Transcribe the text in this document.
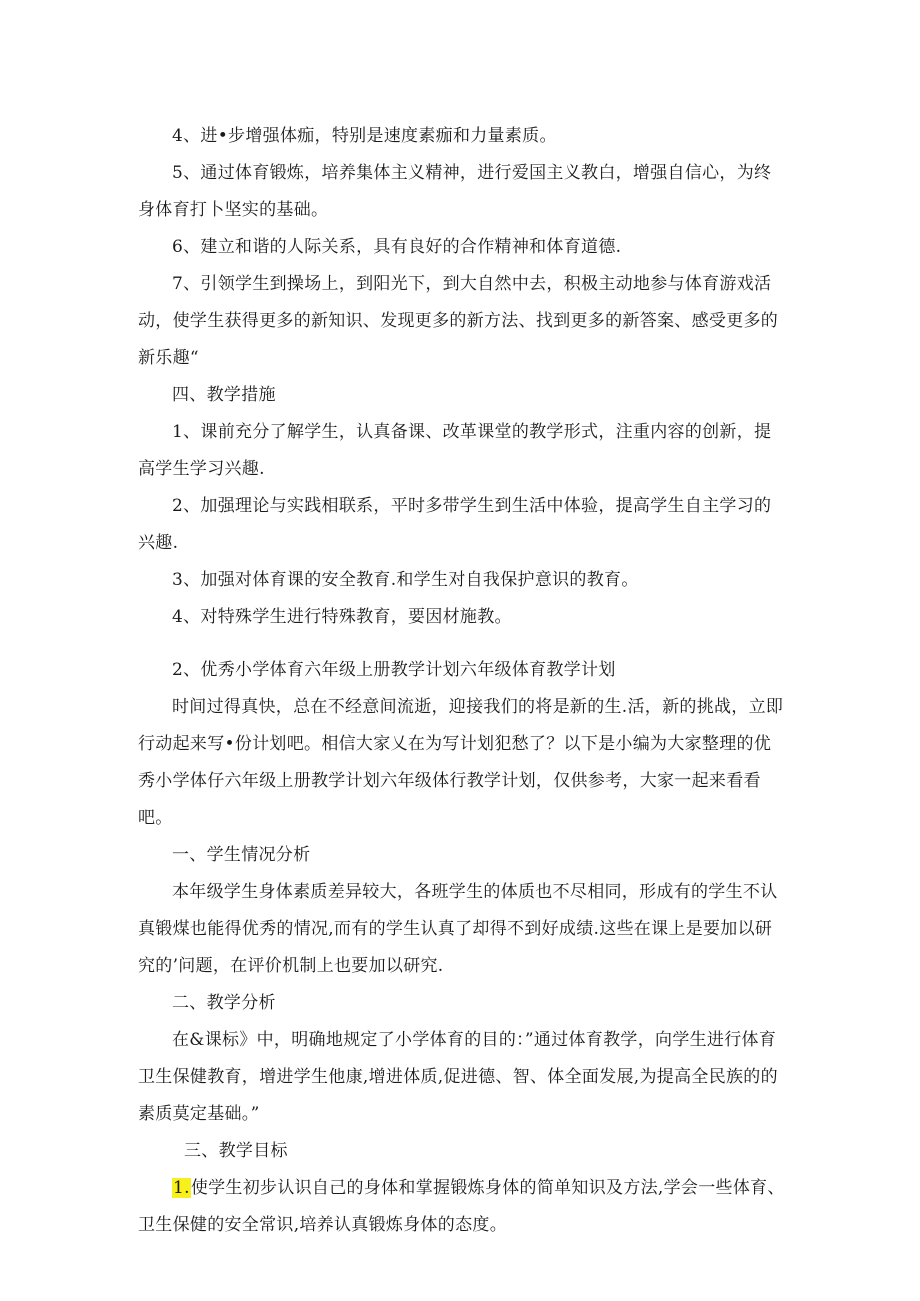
4、进•步增强体痂，特别是速度素痂和力量素质。

5、通过体育锻炼，培养集体主义精神，进行爱国主义教白，增强自信心，为终身体育打卜坚实的基础。

6、建立和谐的人际关系，具有良好的合作精神和体育道德.

7、引领学生到操场上，到阳光下，到大自然中去，积极主动地参与体育游戏活动，使学生获得更多的新知识、发现更多的新方法、找到更多的新答案、感受更多的新乐趣“

四、教学措施

1、课前充分了解学生，认真备课、改革课堂的教学形式，注重内容的创新，提高学生学习兴趣.

2、加强理论与实践相联系，平时多带学生到生活中体验，提高学生自主学习的兴趣.

3、加强对体育课的安全教育.和学生对自我保护意识的教育。

4、对特殊学生进行特殊教育，要因材施教。

2、优秀小学体育六年级上册教学计划六年级体育教学计划

时间过得真快，总在不经意间流逝，迎接我们的将是新的生.活，新的挑战，立即行动起来写•份计划吧。相信大家乂在为写计划犯愁了？以下是小编为大家整理的优秀小学体仔六年级上册教学计划六年级体行教学计划，仅供参考，大家一起来看看吧。

一、学生情况分析

本年级学生身体素质差异较大，各班学生的体质也不尽相同，形成有的学生不认真锻煤也能得优秀的情况,而有的学生认真了却得不到好成绩.这些在课上是要加以研究的’问题，在评价机制上也要加以研究.

二、教学分析

在&课标》中，明确地规定了小学体育的目的：”通过体育教学，向学生进行体育卫生保健教育，增进学生他康,增进体质,促进德、智、体全面发展,为提高全民族的的素质莫定基础。”

三、教学目标

1.使学生初步认识自己的身体和掌握锻炼身体的简单知识及方法,学会一些体育、卫生保健的安全常识,培养认真锻炼身体的态度。
